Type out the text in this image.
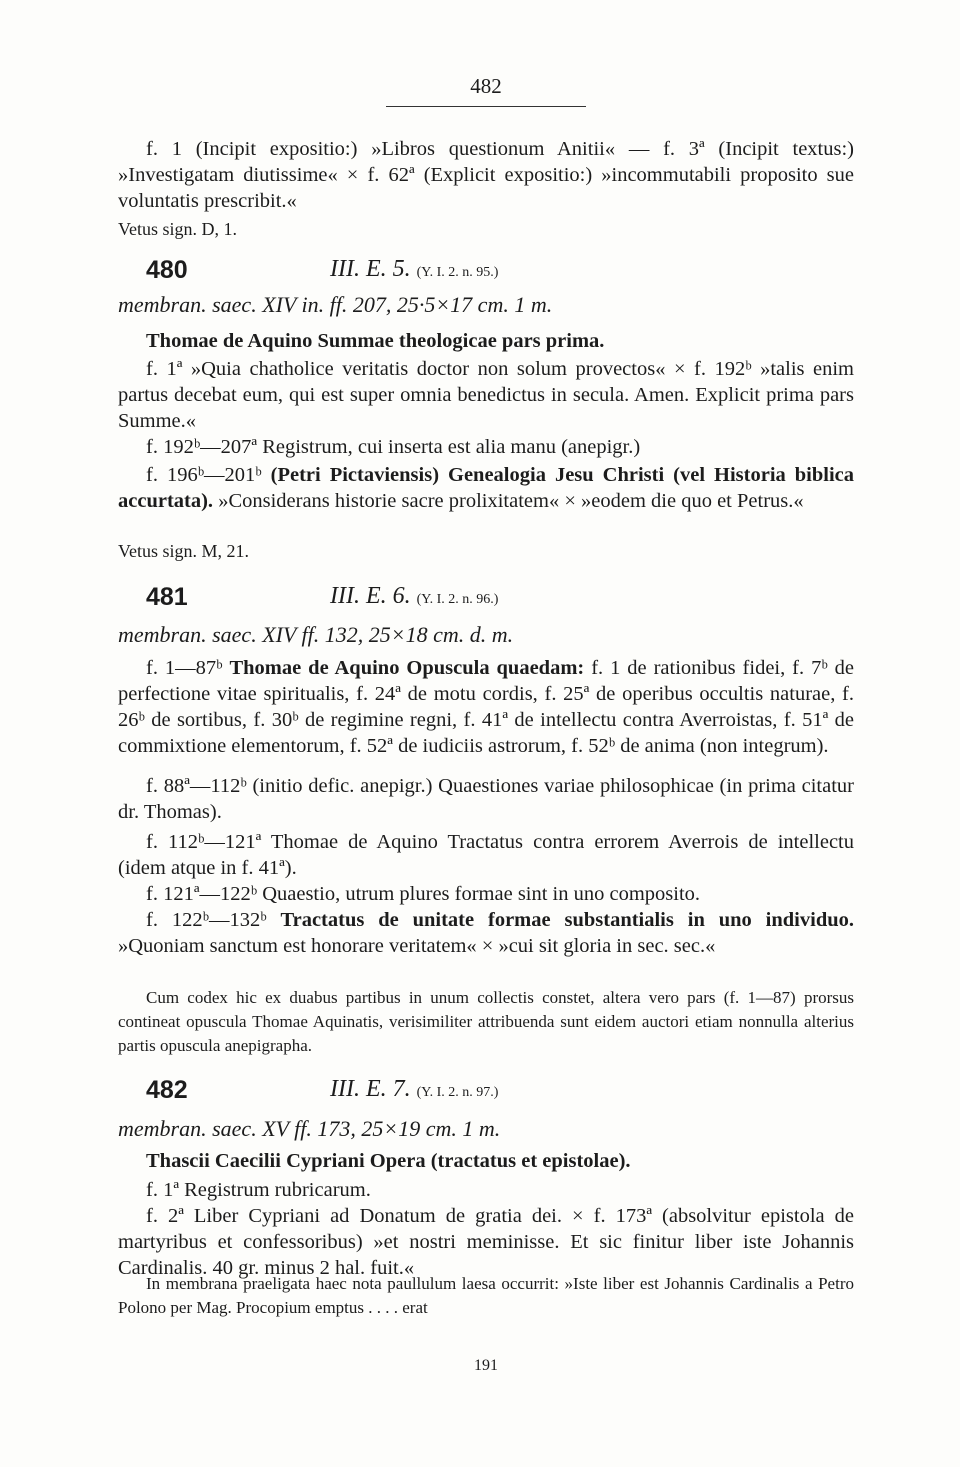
482
f. 1 (Incipit expositio:) »Libros questionum Anitii« — f. 3ª (Incipit textus:) »Investigatam diutissime« × f. 62ª (Explicit expositio:) »incommutabili proposito sue voluntatis prescribit.«
Vetus sign. D, 1.
480	III. E. 5. (Y. I. 2. n. 95.)
membran. saec. XIV in. ff. 207, 25·5×17 cm. 1 m.
Thomae de Aquino Summae theologicae pars prima.
f. 1ª »Quia chatholice veritatis doctor non solum provectos« × f. 192ᵇ »talis enim partus decebat eum, qui est super omnia benedictus in secula. Amen. Explicit prima pars Summe.«
f. 192ᵇ—207ª Registrum, cui inserta est alia manu (anepigr.)
f. 196ᵇ—201ᵇ (Petri Pictaviensis) Genealogia Jesu Christi (vel Historia biblica accurtata). »Considerans historie sacre prolixitatem« × »eodem die quo et Petrus.«
Vetus sign. M, 21.
481	III. E. 6. (Y. I. 2. n. 96.)
membran. saec. XIV ff. 132, 25×18 cm. d. m.
f. 1—87ᵇ Thomae de Aquino Opuscula quaedam: f. 1 de rationibus fidei, f. 7ᵇ de perfectione vitae spiritualis, f. 24ª de motu cordis, f. 25ª de operibus occultis naturae, f. 26ᵇ de sortibus, f. 30ᵇ de regimine regni, f. 41ª de intellectu contra Averroistas, f. 51ª de commixtione elementorum, f. 52ª de iudiciis astrorum, f. 52ᵇ de anima (non integrum).
f. 88ª—112ᵇ (initio defic. anepigr.) Quaestiones variae philosophicae (in prima citatur dr. Thomas).
f. 112ᵇ—121ª Thomae de Aquino Tractatus contra errorem Averrois de intellectu (idem atque in f. 41ª).
f. 121ª—122ᵇ Quaestio, utrum plures formae sint in uno composito.
f. 122ᵇ—132ᵇ Tractatus de unitate formae substantialis in uno individuo. »Quoniam sanctum est honorare veritatem« × »cui sit gloria in sec. sec.«
Cum codex hic ex duabus partibus in unum collectis constet, altera vero pars (f. 1—87) prorsus contineat opuscula Thomae Aquinatis, verisimiliter attribuenda sunt eidem auctori etiam nonnulla alterius partis opuscula anepigrapha.
482	III. E. 7. (Y. I. 2. n. 97.)
membran. saec. XV ff. 173, 25×19 cm. 1 m.
Thascii Caecilii Cypriani Opera (tractatus et epistolae).
f. 1ª Registrum rubricarum.
f. 2ª Liber Cypriani ad Donatum de gratia dei. × f. 173ª (absolvitur epistola de martyribus et confessoribus) »et nostri meminisse. Et sic finitur liber iste Johannis Cardinalis. 40 gr. minus 2 hal. fuit.«
In membrana praeligata haec nota paullulum laesa occurrit: »Iste liber est Johannis Cardinalis a Petro Polono per Mag. Procopium emptus . . . . erat
191
